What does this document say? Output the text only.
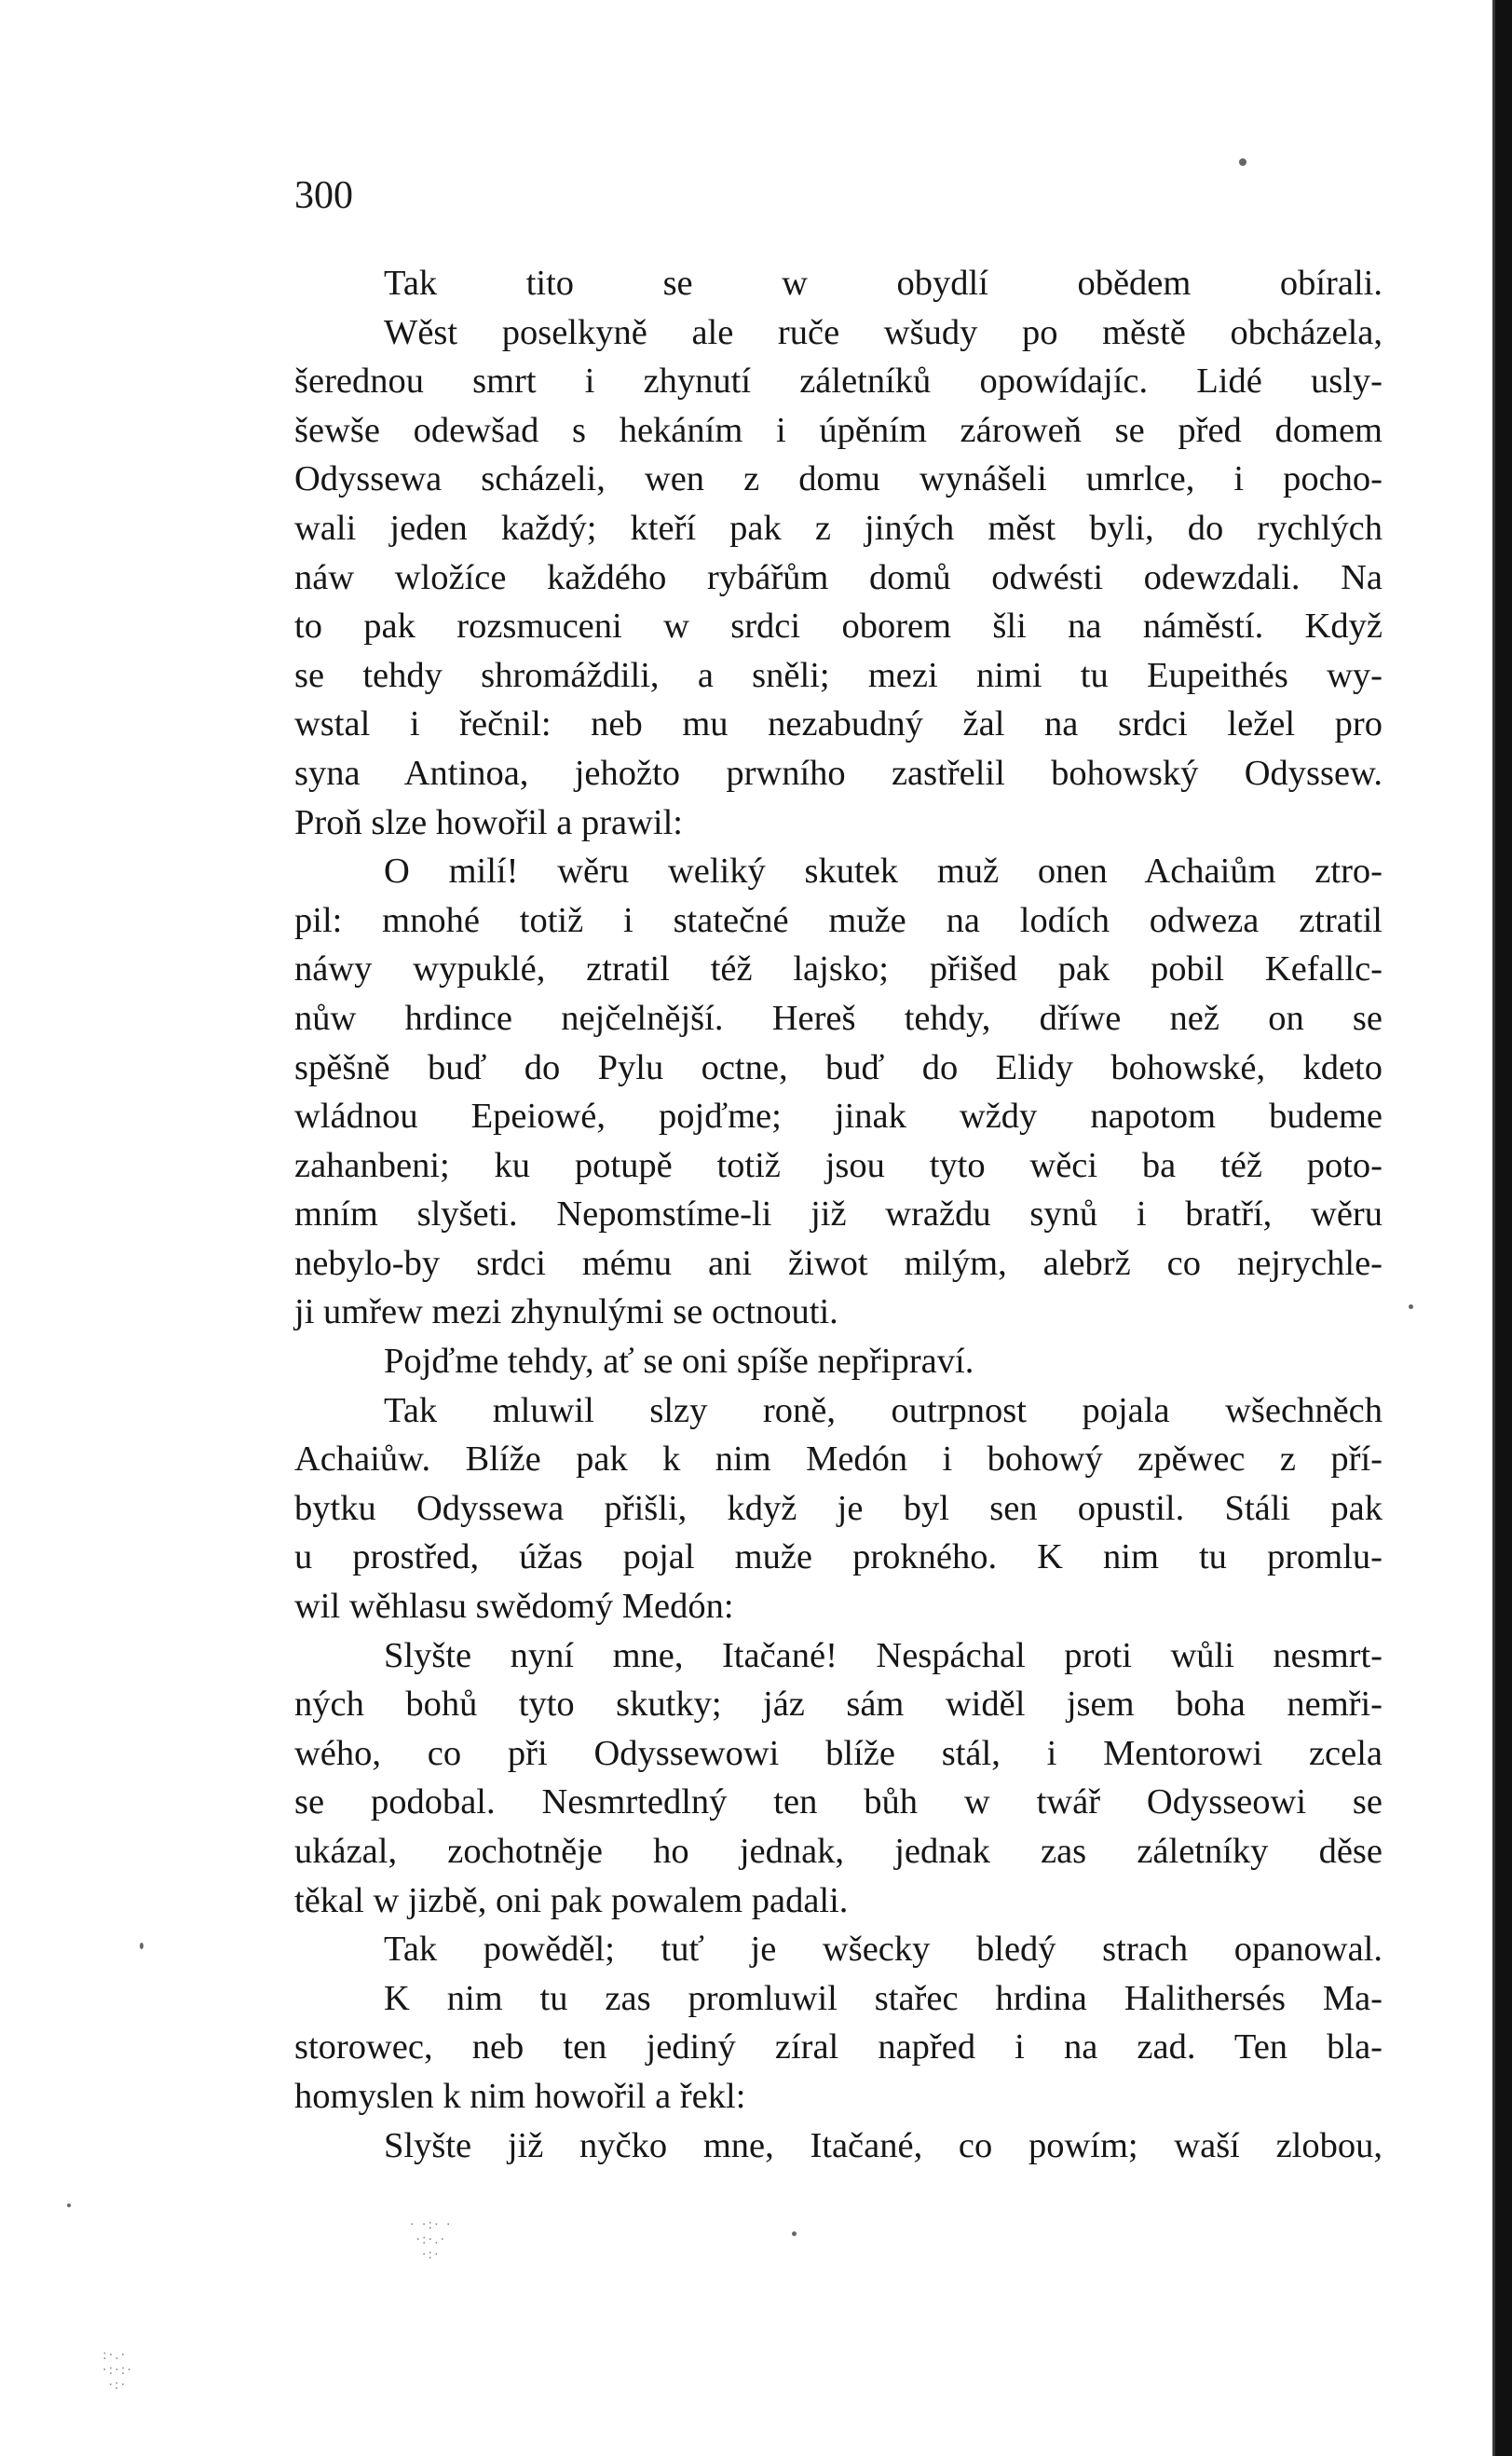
300
Tak tito se w obydlí obědem obírali.
Wěst poselkyně ale ruče wšudy po městě obcházela,
šerednou smrt i zhynutí záletníků opowídajíc. Lidé usly-
šewše odewšad s hekáním i úpěním zároweň se před domem
Odyssewa scházeli, wen z domu wynášeli umrlce, i pocho-
wali jeden každý; kteří pak z jiných měst byli, do rychlých
náw wložíce každého rybářům domů odwésti odewzdali. Na
to pak rozsmuceni w srdci oborem šli na náměstí. Když
se tehdy shromáždili, a sněli; mezi nimi tu Eupeithés wy-
wstal i řečnil: neb mu nezabudný žal na srdci ležel pro
syna Antinoa, jehožto prwního zastřelil bohowský Odyssew.
Proň slze howořil a prawil:
O milí! wěru weliký skutek muž onen Achaiům ztro-
pil: mnohé totiž i statečné muže na lodích odweza ztratil
náwy wypuklé, ztratil též lajsko; přišed pak pobil Kefallc-
nůw hrdince nejčelnější. Hereš tehdy, dříwe než on se
spěšně buď do Pylu octne, buď do Elidy bohowské, kdeto
wládnou Epeiowé, pojďme; jinak wždy napotom budeme
zahanbeni; ku potupě totiž jsou tyto wěci ba též poto-
mním slyšeti. Nepomstíme-li již wraždu synů i bratří, wěru
nebylo-by srdci mému ani žiwot milým, alebrž co nejrychle-
ji umřew mezi zhynulými se octnouti.
Pojďme tehdy, ať se oni spíše nepřipraví.
Tak mluwil slzy roně, outrpnost pojala wšechněch
Achaiůw. Blíže pak k nim Medón i bohowý zpěwec z pří-
bytku Odyssewa přišli, když je byl sen opustil. Stáli pak
u prostřed, úžas pojal muže prokného. K nim tu promlu-
wil wěhlasu swědomý Medón:
Slyšte nyní mne, Itačané! Nespáchal proti wůli nesmrt-
ných bohů tyto skutky; jáz sám widěl jsem boha nemři-
wého, co při Odyssewowi blíže stál, i Mentorowi zcela
se podobal. Nesmrtedlný ten bůh w twář Odysseowi se
ukázal, zochotněje ho jednak, jednak zas záletníky děse
těkal w jizbě, oni pak powalem padali.
Tak powěděl; tuť je wšecky bledý strach opanowal.
K nim tu zas promluwil stařec hrdina Halithersés Ma-
storowec, neb ten jediný zíral napřed i na zad. Ten bla-
homyslen k nim howořil a řekl:
Slyšte již nyčko mne, Itačané, co powím; waší zlobou,
· ·:· ·
·:·.·
·:·
:·.·
·:·:·
·:·
